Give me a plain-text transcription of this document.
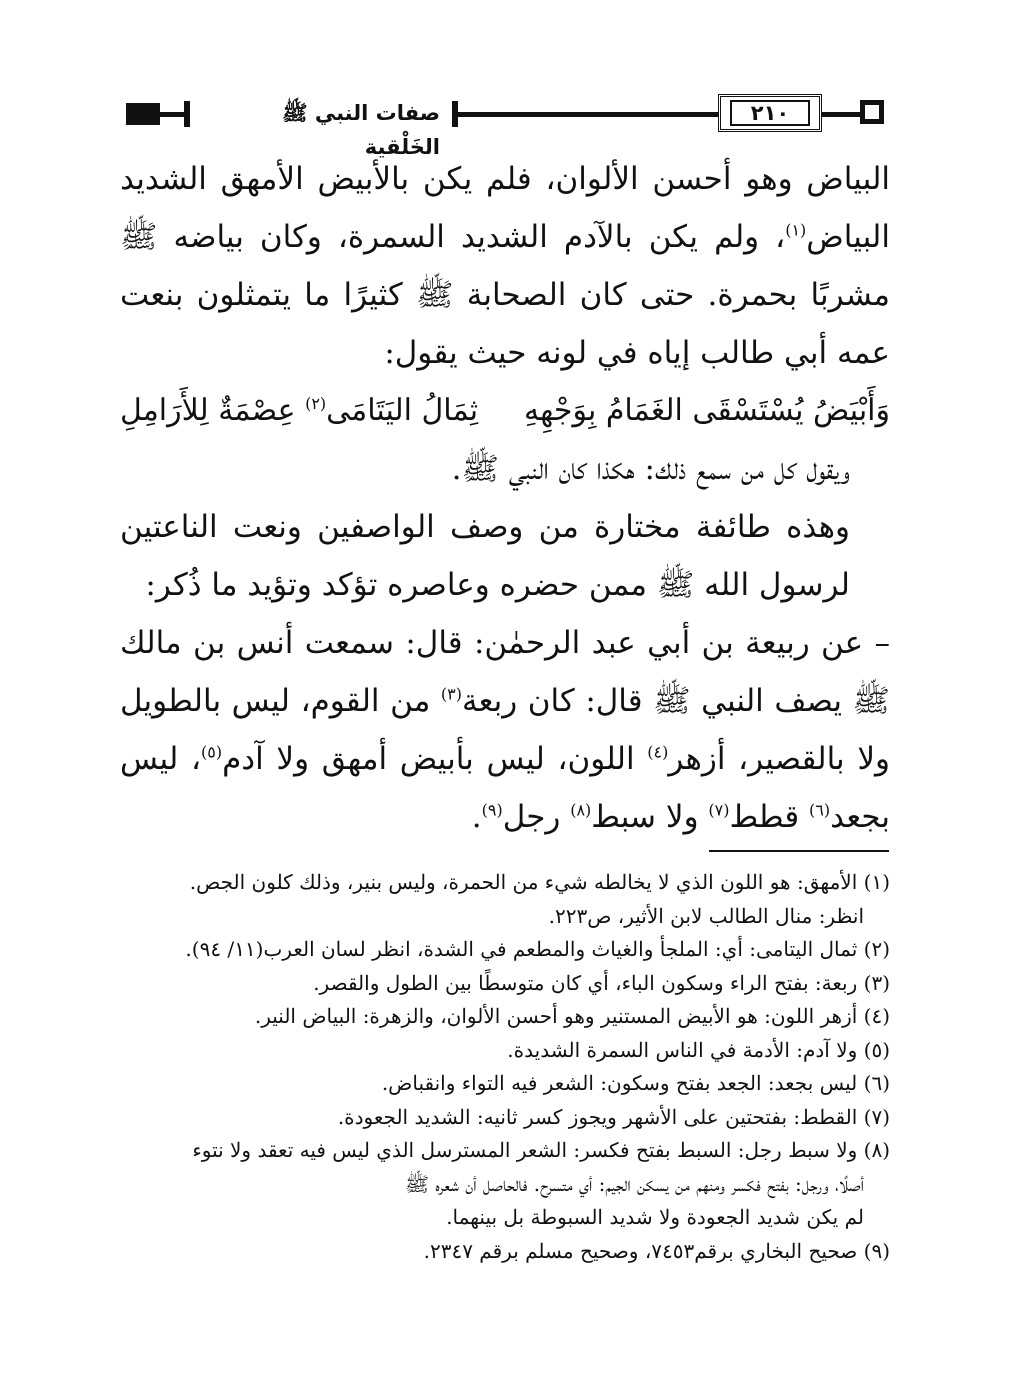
صفات النبي ﷺ الخَلْقية
٢١٠

البياض وهو أحسن الألوان، فلم يكن بالأبيض الأمهق الشديد البياض$^{(١)}$، ولم يكن بالآدم الشديد السمرة، وكان بياضه ﷺ مشربًا بحمرة. حتى كان الصحابة ﷺ كثيرًا ما يتمثلون بنعت عمه أبي طالب إياه في لونه حيث يقول:

وَأَبْيَضُ يُسْتَسْقَى الغَمَامُ بِوَجْهِهِ
ثِمَالُ اليَتَامَى$^{(٢)}$ عِصْمَةٌ لِلأَرَامِلِ

ويقول كل من سمع ذلك: هكذا كان النبي ﷺ.

وهذه طائفة مختارة من وصف الواصفين ونعت الناعتين لرسول الله ﷺ ممن حضره وعاصره تؤكد وتؤيد ما ذُكر:

– عن ربيعة بن أبي عبد الرحمٰن: قال: سمعت أنس بن مالك ﷺ يصف النبي ﷺ قال: كان ربعة$^{(٣)}$ من القوم، ليس بالطويل ولا بالقصير، أزهر$^{(٤)}$ اللون، ليس بأبيض أمهق ولا آدم$^{(٥)}$، ليس بجعد$^{(٦)}$ قطط$^{(٧)}$ ولا سبط$^{(٨)}$ رجل$^{(٩)}$.

(١) الأمهق: هو اللون الذي لا يخالطه شيء من الحمرة، وليس بنير، وذلك كلون الجص.

انظر: منال الطالب لابن الأثير، ص٢٢٣.

(٢) ثمال اليتامى: أي: الملجأ والغياث والمطعم في الشدة، انظر لسان العرب(١١/ ٩٤).

(٣) ربعة: بفتح الراء وسكون الباء، أي كان متوسطًا بين الطول والقصر.

(٤) أزهر اللون: هو الأبيض المستنير وهو أحسن الألوان، والزهرة: البياض النير.

(٥) ولا آدم: الأدمة في الناس السمرة الشديدة.

(٦) ليس بجعد: الجعد بفتح وسكون: الشعر فيه التواء وانقباض.

(٧) القطط: بفتحتين على الأشهر ويجوز كسر ثانيه: الشديد الجعودة.

(٨) ولا سبط رجل: السبط بفتح فكسر: الشعر المسترسل الذي ليس فيه تعقد ولا نتوء

أصلًا، ورجل: بفتح فكسر ومنهم من يسكن الجيم: أي متسرح. فالحاصل أن شعره ﷺ

لم يكن شديد الجعودة ولا شديد السبوطة بل بينهما.

(٩) صحيح البخاري برقم٧٤٥٣، وصحيح مسلم برقم ٢٣٤٧.
